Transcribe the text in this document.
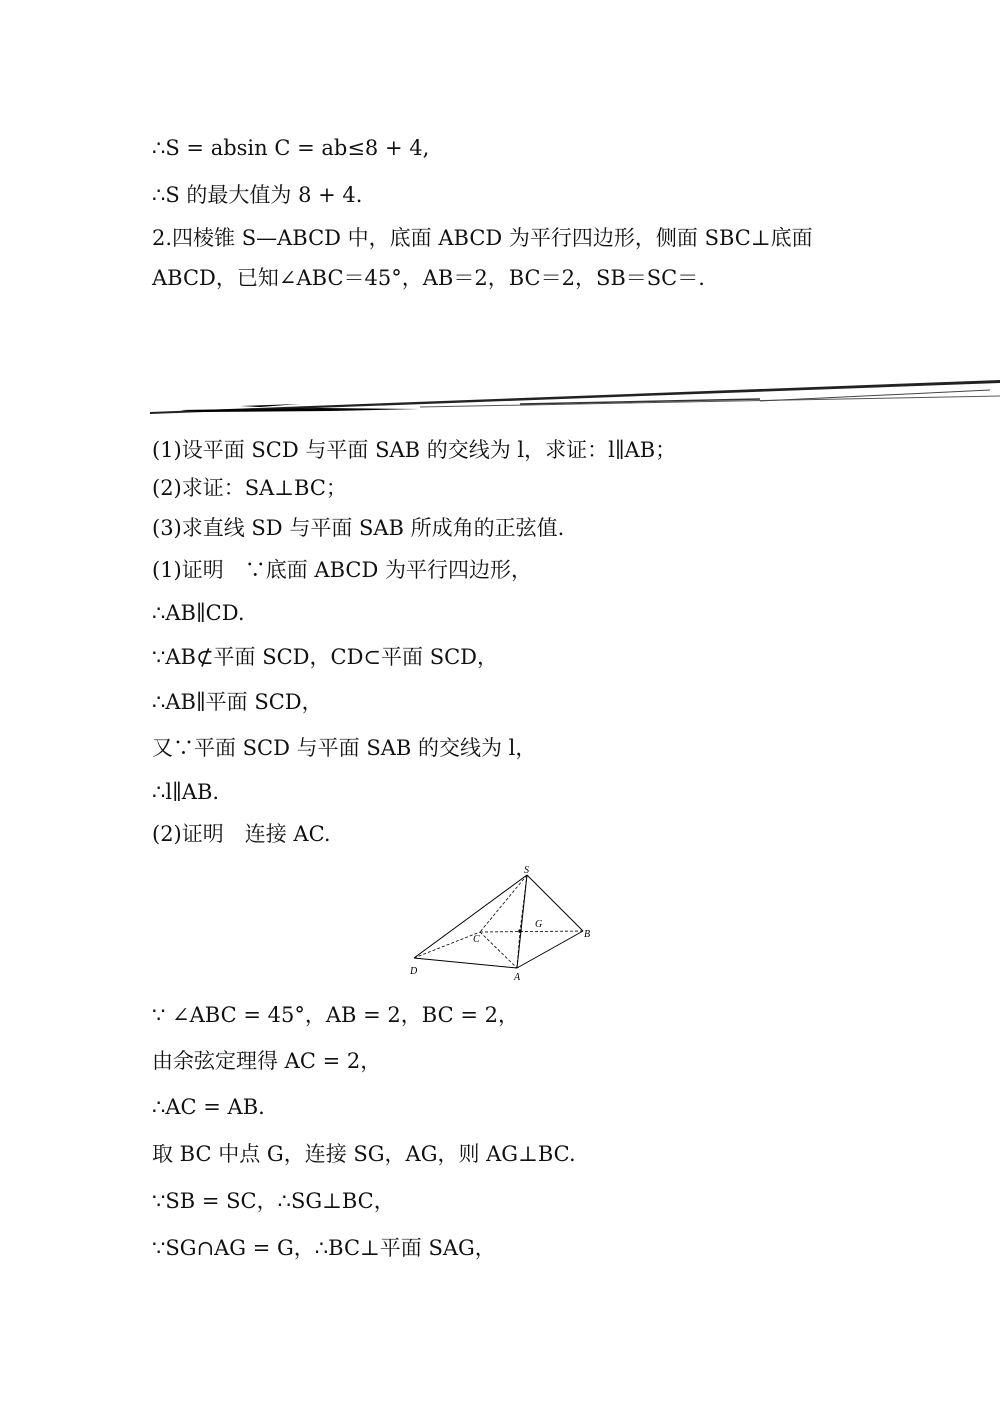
∴S = absin C = ab≤8 + 4,
∴S 的最大值为 8 + 4.
2.四棱锥 S—ABCD 中，底面 ABCD 为平行四边形，侧面 SBC⊥底面
ABCD，已知∠ABC＝45°，AB＝2，BC＝2，SB＝SC＝.
(1)设平面 SCD 与平面 SAB 的交线为 l，求证：l∥AB；
(2)求证：SA⊥BC；
(3)求直线 SD 与平面 SAB 所成角的正弦值.
(1)证明　∵底面 ABCD 为平行四边形，
∴AB∥CD.
∵AB⊄平面 SCD，CD⊂平面 SCD，
∴AB∥平面 SCD，
又∵平面 SCD 与平面 SAB 的交线为 l，
∴l∥AB.
(2)证明　连接 AC.
S
G
B
C
D
A
∵ ∠ABC = 45°，AB = 2，BC = 2，
由余弦定理得 AC = 2，
∴AC = AB.
取 BC 中点 G，连接 SG，AG，则 AG⊥BC.
∵SB = SC，∴SG⊥BC，
∵SG∩AG = G，∴BC⊥平面 SAG，
